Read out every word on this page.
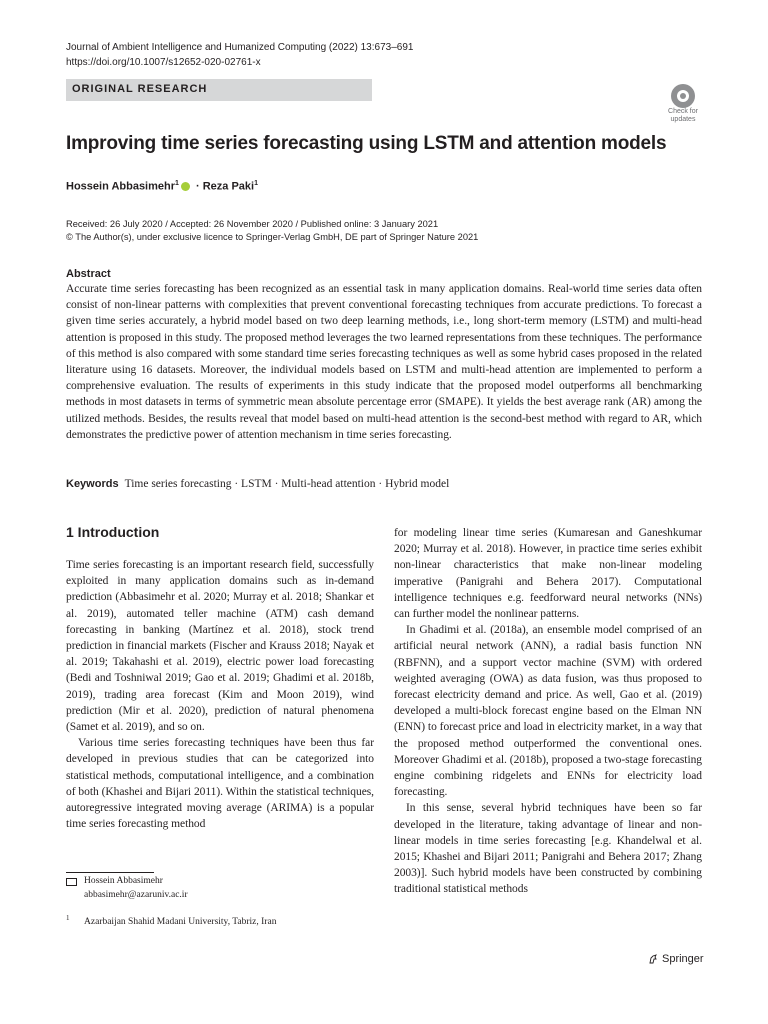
Journal of Ambient Intelligence and Humanized Computing (2022) 13:673–691
https://doi.org/10.1007/s12652-020-02761-x
ORIGINAL RESEARCH
Check for updates
Improving time series forecasting using LSTM and attention models
Hossein Abbasimehr$^1$ · Reza Paki$^1$
Received: 26 July 2020 / Accepted: 26 November 2020 / Published online: 3 January 2021
© The Author(s), under exclusive licence to Springer-Verlag GmbH, DE part of Springer Nature 2021
Abstract

Accurate time series forecasting has been recognized as an essential task in many application domains. Real-world time series data often consist of non-linear patterns with complexities that prevent conventional forecasting techniques from accurate predictions. To forecast a given time series accurately, a hybrid model based on two deep learning methods, i.e., long short-term memory (LSTM) and multi-head attention is proposed in this study. The proposed method leverages the two learned representations from these techniques. The performance of this method is also compared with some standard time series forecasting techniques as well as some hybrid cases proposed in the related literature using 16 datasets. Moreover, the individual models based on LSTM and multi-head attention are implemented to perform a comprehensive evaluation. The results of experiments in this study indicate that the proposed model outperforms all benchmarking methods in most datasets in terms of symmetric mean absolute percentage error (SMAPE). It yields the best average rank (AR) among the utilized methods. Besides, the results reveal that model based on multi-head attention is the second-best method with regard to AR, which demonstrates the predictive power of attention mechanism in time series forecasting.

Keywords Time series forecasting · LSTM · Multi-head attention · Hybrid model
1 Introduction

Time series forecasting is an important research field, successfully exploited in many application domains such as in-demand prediction (Abbasimehr et al. 2020; Murray et al. 2018; Shankar et al. 2019), automated teller machine (ATM) cash demand forecasting in banking (Martínez et al. 2018), stock trend prediction in financial markets (Fischer and Krauss 2018; Nayak et al. 2019; Takahashi et al. 2019), electric power load forecasting (Bedi and Toshniwal 2019; Gao et al. 2019; Ghadimi et al. 2018b, 2019), trading area forecast (Kim and Moon 2019), wind prediction (Mir et al. 2020), prediction of natural phenomena (Samet et al. 2019), and so on.

Various time series forecasting techniques have been thus far developed in previous studies that can be categorized into statistical methods, computational intelligence, and a combination of both (Khashei and Bijari 2011). Within the statistical techniques, autoregressive integrated moving average (ARIMA) is a popular time series forecasting method

for modeling linear time series (Kumaresan and Ganeshkumar 2020; Murray et al. 2018). However, in practice time series exhibit non-linear characteristics that make non-linear modeling imperative (Panigrahi and Behera 2017). Computational intelligence techniques e.g. feedforward neural networks (NNs) can further model the nonlinear patterns.

In Ghadimi et al. (2018a), an ensemble model comprised of an artificial neural network (ANN), a radial basis function NN (RBFNN), and a support vector machine (SVM) with ordered weighted averaging (OWA) as data fusion, was thus proposed to forecast electricity demand and price. As well, Gao et al. (2019) developed a multi-block forecast engine based on the Elman NN (ENN) to forecast price and load in electricity market, in a way that the proposed method outperformed the conventional ones. Moreover Ghadimi et al. (2018b), proposed a two-stage forecasting engine combining ridgelets and ENNs for electricity load forecasting.

In this sense, several hybrid techniques have been so far developed in the literature, taking advantage of linear and non-linear models in time series forecasting [e.g. Khandelwal et al. 2015; Khashei and Bijari 2011; Panigrahi and Behera 2017; Zhang 2003)]. Such hybrid models have been constructed by combining traditional statistical methods

Hossein Abbasimehr
abbasimehr@azaruniv.ac.ir
1 Azarbaijan Shahid Madani University, Tabriz, Iran
Springer
